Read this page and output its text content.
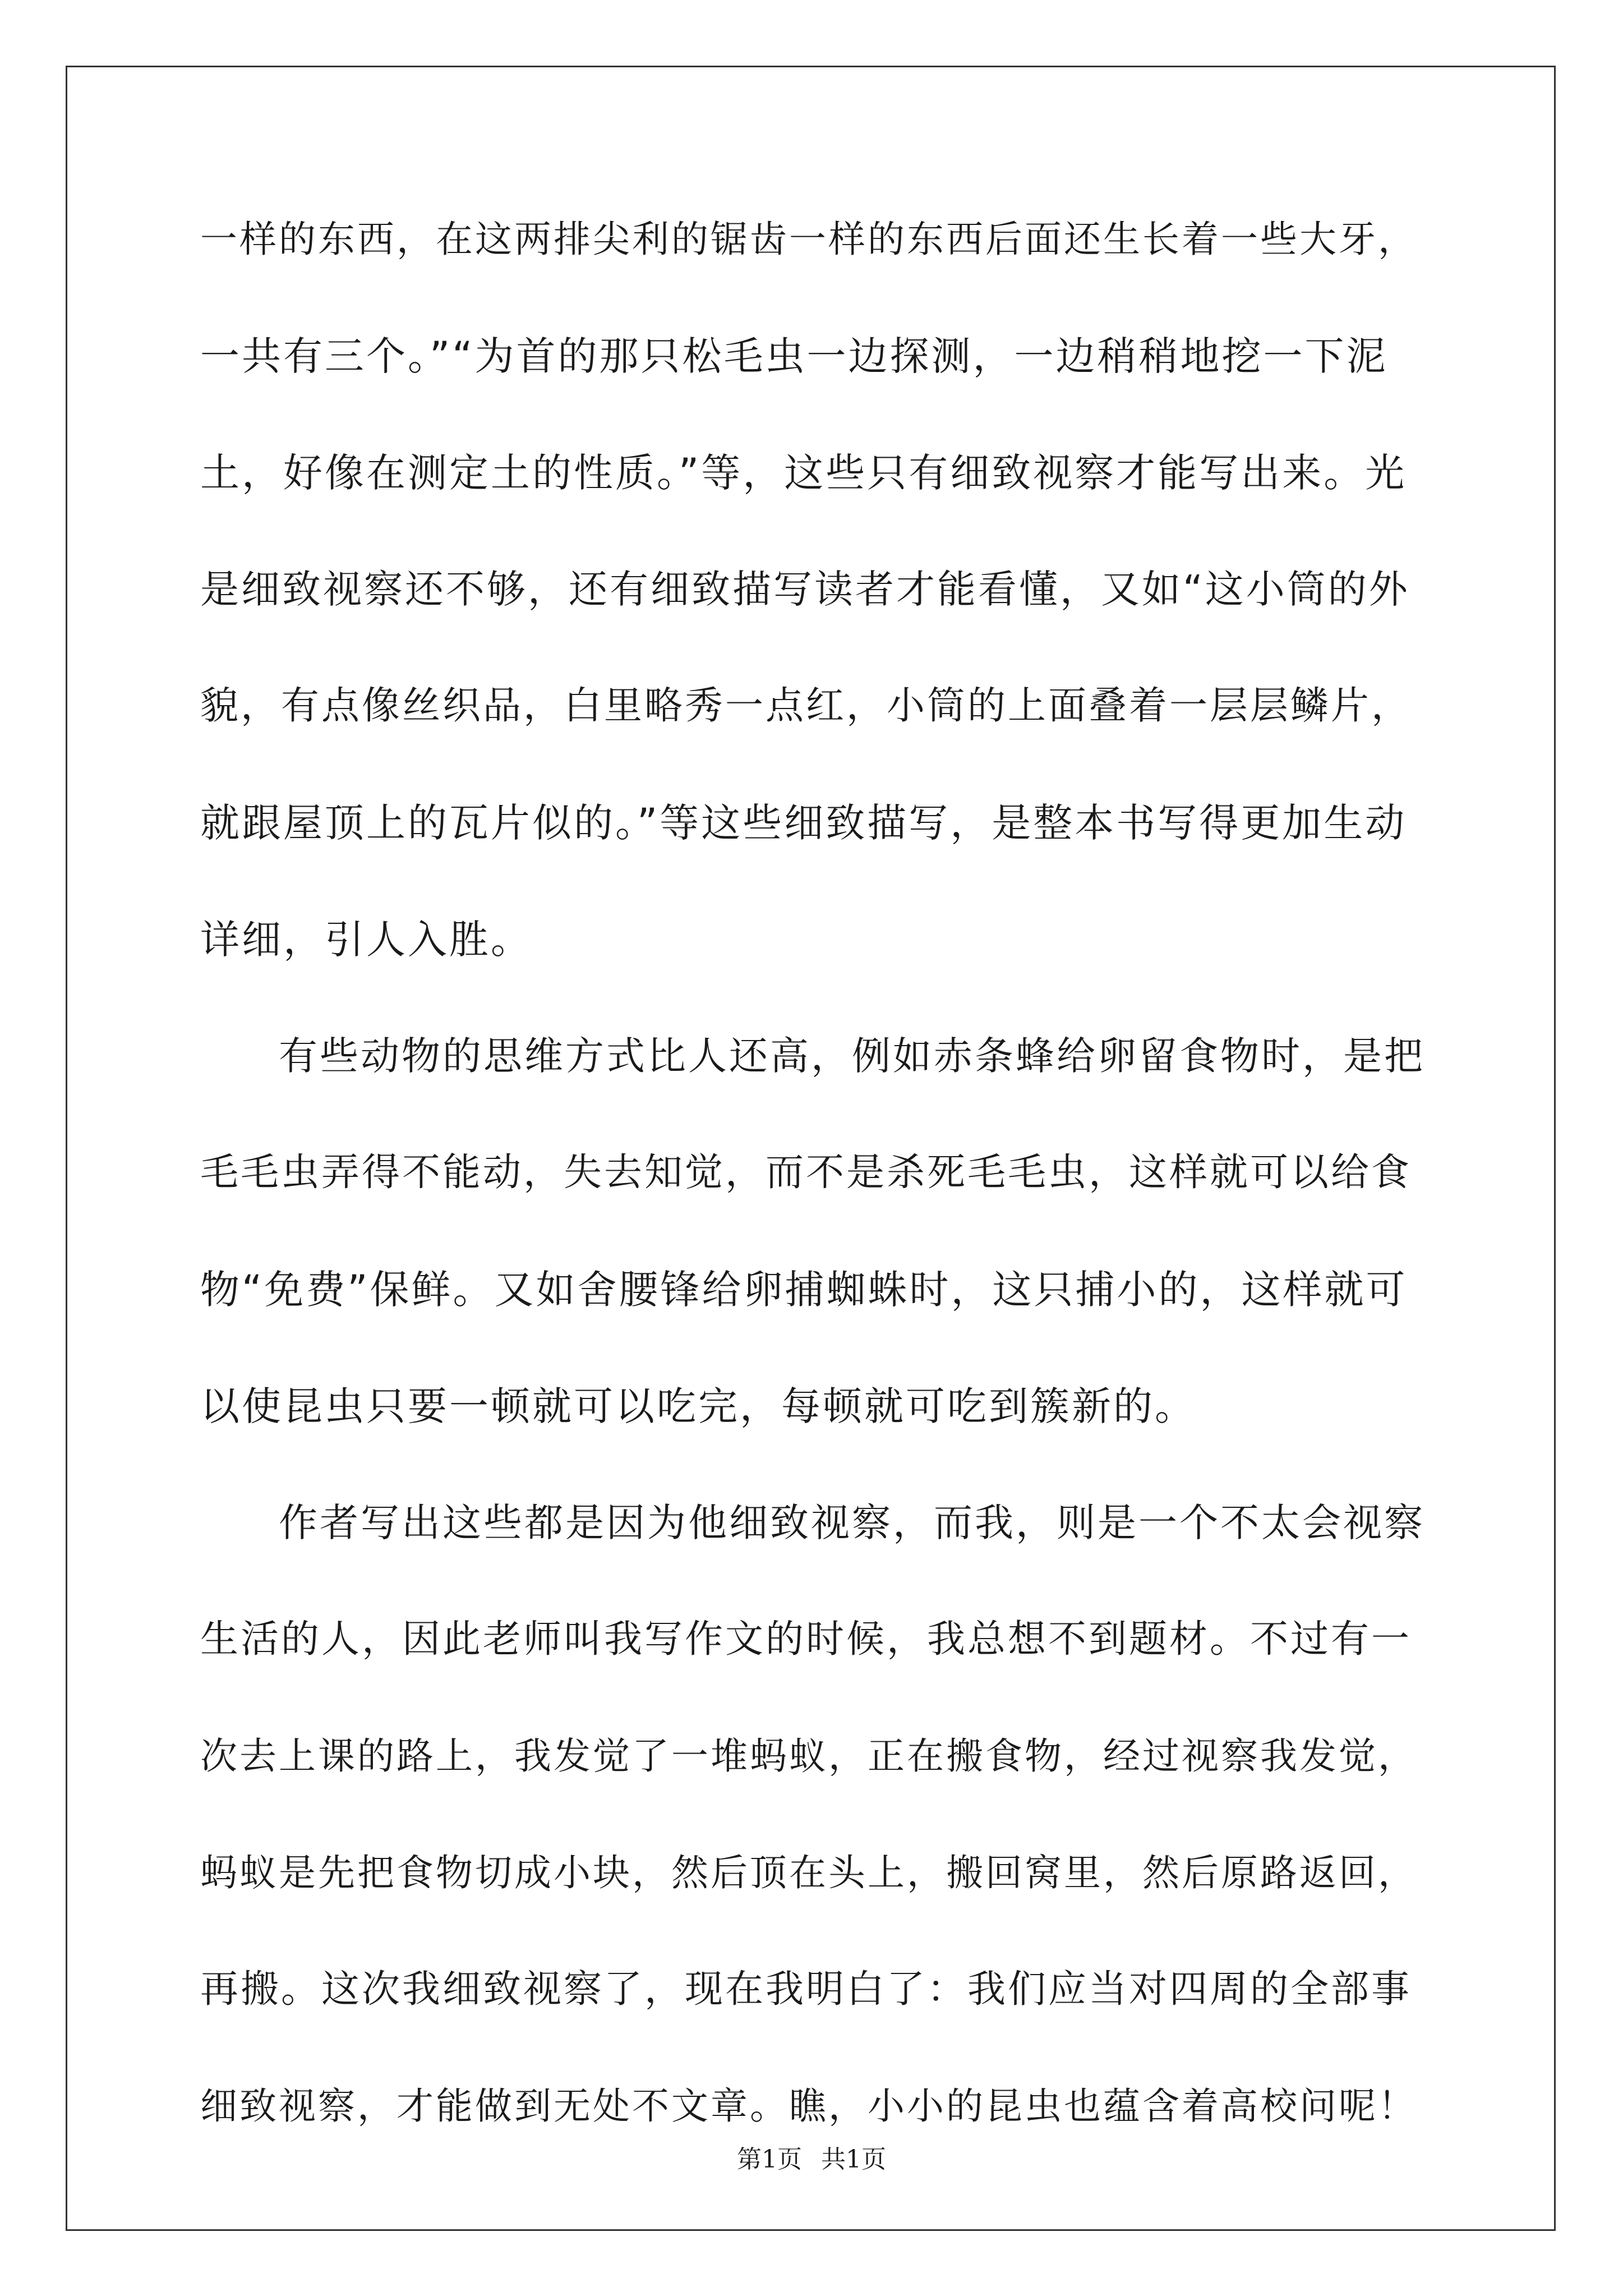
一样的东西，在这两排尖利的锯齿一样的东西后面还生长着一些大牙，

一共有三个。”“为首的那只松毛虫一边探测，一边稍稍地挖一下泥

土，好像在测定土的性质。”等，这些只有细致视察才能写出来。光

是细致视察还不够，还有细致描写读者才能看懂，又如“这小筒的外

貌，有点像丝织品，白里略秀一点红，小筒的上面叠着一层层鳞片，

就跟屋顶上的瓦片似的。”等这些细致描写，是整本书写得更加生动

详细，引人入胜。

有些动物的思维方式比人还高，例如赤条蜂给卵留食物时，是把

毛毛虫弄得不能动，失去知觉，而不是杀死毛毛虫，这样就可以给食

物“免费”保鲜。又如舍腰锋给卵捕蜘蛛时，这只捕小的，这样就可

以使昆虫只要一顿就可以吃完，每顿就可吃到簇新的。

作者写出这些都是因为他细致视察，而我，则是一个不太会视察

生活的人，因此老师叫我写作文的时候，我总想不到题材。不过有一

次去上课的路上，我发觉了一堆蚂蚁，正在搬食物，经过视察我发觉，

蚂蚁是先把食物切成小块，然后顶在头上，搬回窝里，然后原路返回，

再搬。这次我细致视察了，现在我明白了：我们应当对四周的全部事

细致视察，才能做到无处不文章。瞧，小小的昆虫也蕴含着高校问呢！

第1页 共1页
